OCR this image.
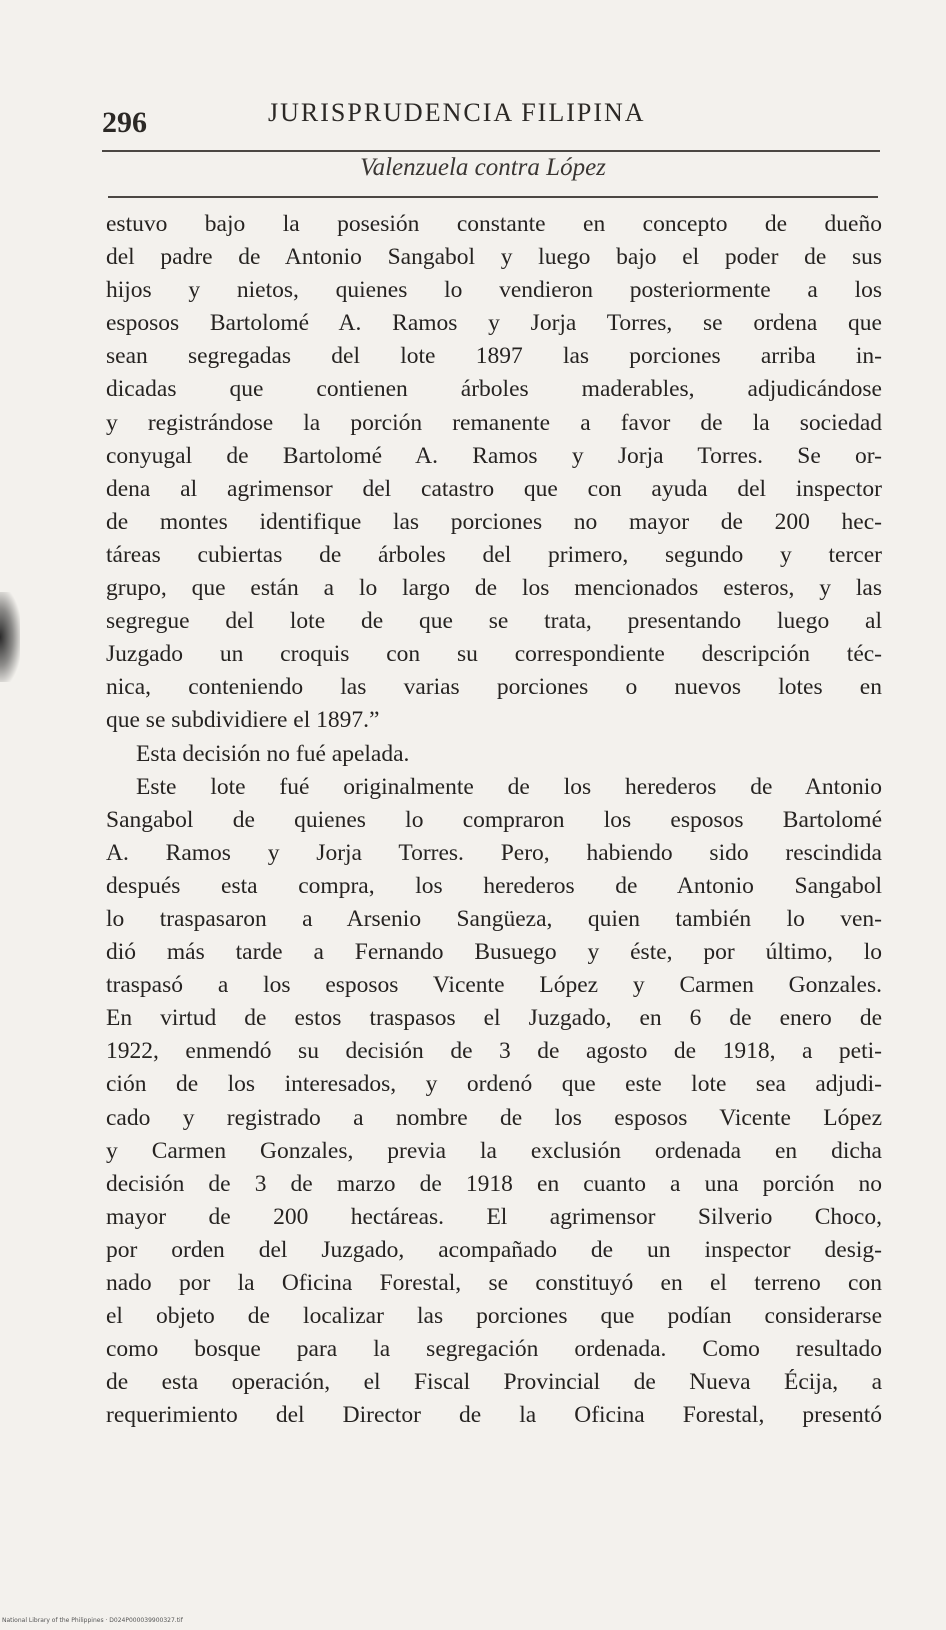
296	JURISPRUDENCIA FILIPINA
Valenzuela contra López
estuvo bajo la posesión constante en concepto de dueño
del padre de Antonio Sangabol y luego bajo el poder de sus
hijos y nietos, quienes lo vendieron posteriormente a los
esposos Bartolomé A. Ramos y Jorja Torres, se ordena que
sean segregadas del lote 1897 las porciones arriba in-
dicadas que contienen árboles maderables, adjudicándose
y registrándose la porción remanente a favor de la sociedad
conyugal de Bartolomé A. Ramos y Jorja Torres. Se or-
dena al agrimensor del catastro que con ayuda del inspector
de montes identifique las porciones no mayor de 200 hec-
táreas cubiertas de árboles del primero, segundo y tercer
grupo, que están a lo largo de los mencionados esteros, y las
segregue del lote de que se trata, presentando luego al
Juzgado un croquis con su correspondiente descripción téc-
nica, conteniendo las varias porciones o nuevos lotes en
que se subdividiere el 1897.”
Esta decisión no fué apelada.
Este lote fué originalmente de los herederos de Antonio
Sangabol de quienes lo compraron los esposos Bartolomé
A. Ramos y Jorja Torres. Pero, habiendo sido rescindida
después esta compra, los herederos de Antonio Sangabol
lo traspasaron a Arsenio Sangüeza, quien también lo ven-
dió más tarde a Fernando Busuego y éste, por último, lo
traspasó a los esposos Vicente López y Carmen Gonzales.
En virtud de estos traspasos el Juzgado, en 6 de enero de
1922, enmendó su decisión de 3 de agosto de 1918, a peti-
ción de los interesados, y ordenó que este lote sea adjudi-
cado y registrado a nombre de los esposos Vicente López
y Carmen Gonzales, previa la exclusión ordenada en dicha
decisión de 3 de marzo de 1918 en cuanto a una porción no
mayor de 200 hectáreas. El agrimensor Silverio Choco,
por orden del Juzgado, acompañado de un inspector desig-
nado por la Oficina Forestal, se constituyó en el terreno con
el objeto de localizar las porciones que podían considerarse
como bosque para la segregación ordenada. Como resultado
de esta operación, el Fiscal Provincial de Nueva Écija, a
requerimiento del Director de la Oficina Forestal, presentó
National Library of the Philippines · D024P000039900327.tif
